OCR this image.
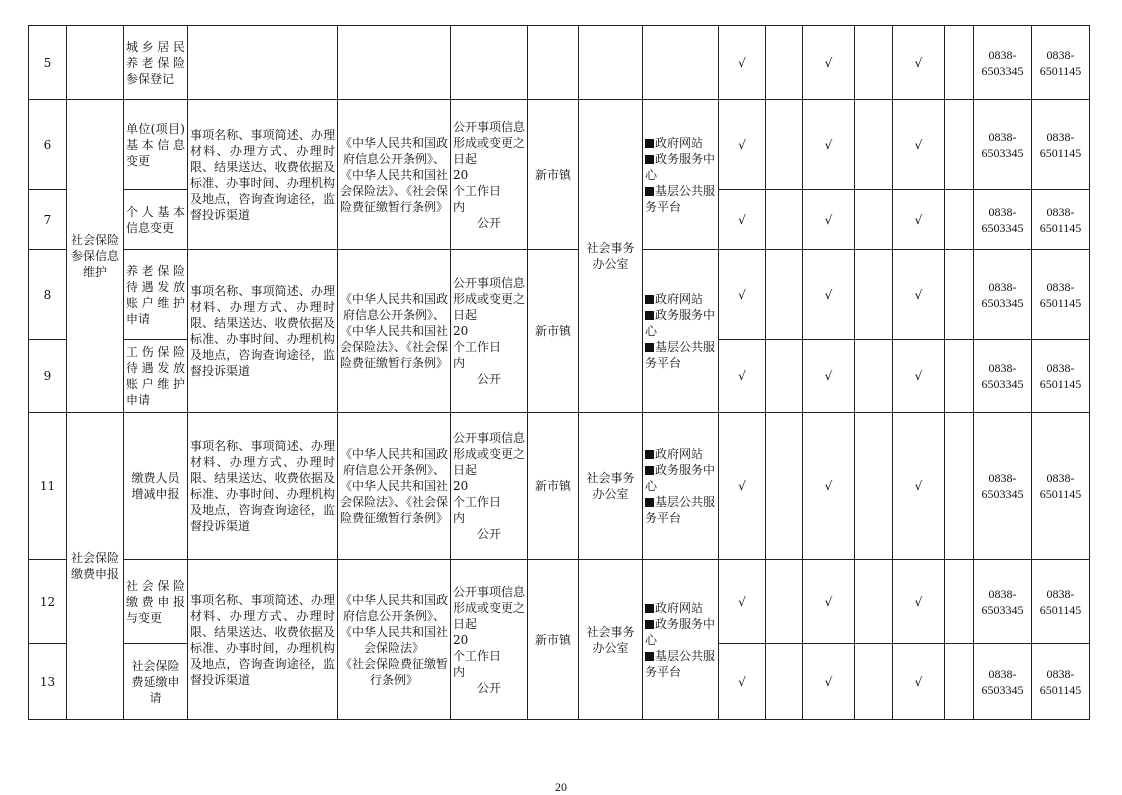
5		城乡居民养老保险参保登记							√		√		√		0838-6503345	0838-6501145

6	社会保险参保信息维护	单位(项目)基本信息变更	事项名称、事项简述、办理材料、办理方式、办理时限、结果送达、收费依据及标准、办事时间、办理机构及地点，咨询查询途径，监督投诉渠道	《中华人民共和国政府信息公开条例》、《中华人民共和国社会保险法》、《社会保险费征缴暂行条例》	公开事项信息形成或变更之日起
20
个工作日
内
公开	新市镇	社会事务办公室	政府网站
政务服务中心
基层公共服务平台	√		√		√		0838-6503345	0838-6501145

7		个人基本信息变更							√		√		√		0838-6503345	0838-6501145

8		养老保险待遇发放账户维护申请	事项名称、事项简述、办理材料、办理方式、办理时限、结果送达、收费依据及标准、办事时间、办理机构及地点，咨询查询途径，监督投诉渠道	《中华人民共和国政府信息公开条例》、《中华人民共和国社会保险法》、《社会保险费征缴暂行条例》	公开事项信息形成或变更之日起
20
个工作日
内
公开	新市镇		政府网站
政务服务中心
基层公共服务平台	√		√		√		0838-6503345	0838-6501145

9		工伤保险待遇发放账户维护申请							√		√		√		0838-6503345	0838-6501145

11	社会保险缴费申报	缴费人员增减申报	事项名称、事项简述、办理材料、办理方式、办理时限、结果送达、收费依据及标准、办事时间、办理机构及地点，咨询查询途径，监督投诉渠道	《中华人民共和国政府信息公开条例》、《中华人民共和国社会保险法》、《社会保险费征缴暂行条例》	公开事项信息形成或变更之日起
20
个工作日
内
公开	新市镇	社会事务办公室	政府网站
政务服务中心
基层公共服务平台	√		√		√		0838-6503345	0838-6501145

12		社会保险缴费申报与变更	事项名称、事项简述、办理材料、办理方式、办理时限、结果送达、收费依据及标准、办事时间，办理机构及地点，咨询查询途径，监督投诉渠道	《中华人民共和国政府信息公开条例》、《中华人民共和国社会保险法》
《社会保险费征缴暂行条例》	公开事项信息形成或变更之日起
20
个工作日
内
公开	新市镇	社会事务办公室	政府网站
政务服务中心
基层公共服务平台	√		√		√		0838-6503345	0838-6501145

13		社会保险费延缴申请							√		√		√		0838-6503345	0838-6501145
20
